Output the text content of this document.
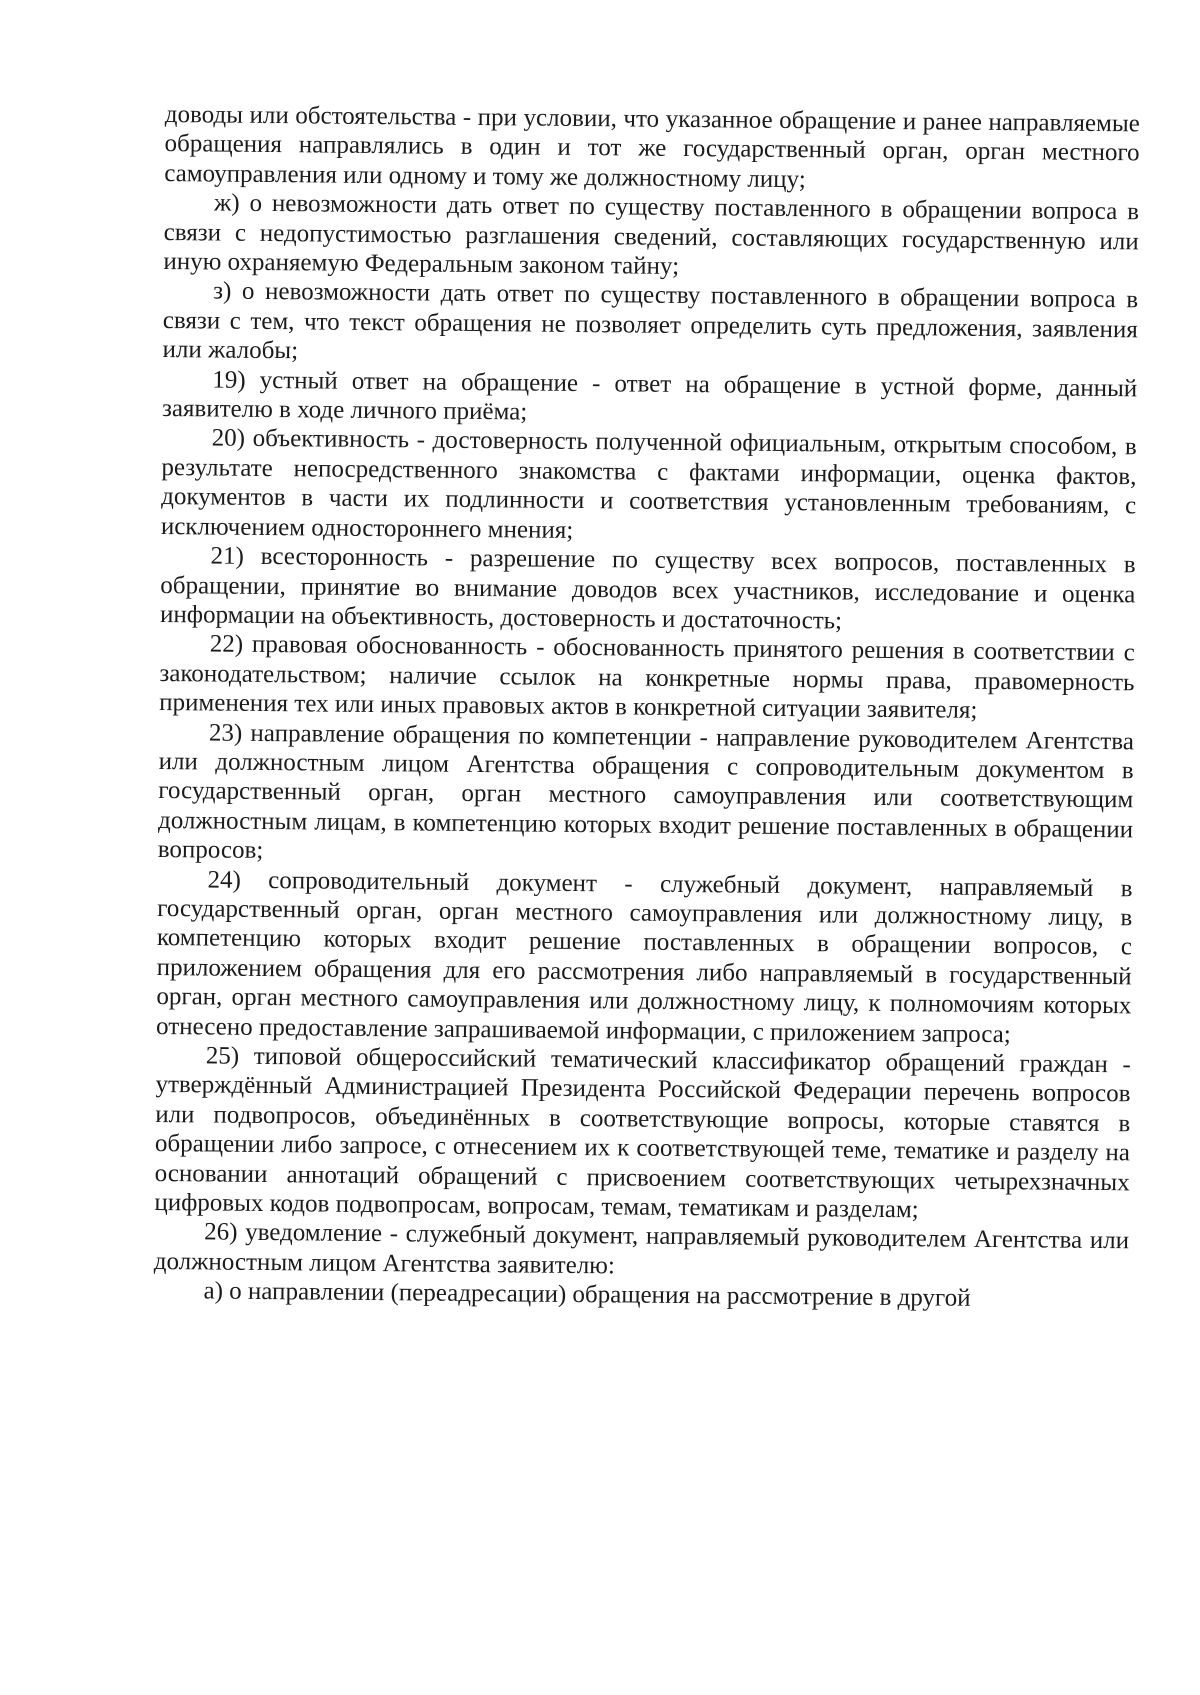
доводы или обстоятельства - при условии, что указанное обращение и ранее направляемые обращения направлялись в один и тот же государственный орган, орган местного самоуправления или одному и тому же должностному лицу;

ж) о невозможности дать ответ по существу поставленного в обращении вопроса в связи с недопустимостью разглашения сведений, составляющих государственную или иную охраняемую Федеральным законом тайну;

з) о невозможности дать ответ по существу поставленного в обращении вопроса в связи с тем, что текст обращения не позволяет определить суть предложения, заявления или жалобы;

19) устный ответ на обращение - ответ на обращение в устной форме, данный заявителю в ходе личного приёма;

20) объективность - достоверность полученной официальным, открытым способом, в результате непосредственного знакомства с фактами информации, оценка фактов, документов в части их подлинности и соответствия установленным требованиям, с исключением одностороннего мнения;

21) всесторонность - разрешение по существу всех вопросов, поставленных в обращении, принятие во внимание доводов всех участников, исследование и оценка информации на объективность, достоверность и достаточность;

22) правовая обоснованность - обоснованность принятого решения в соответствии с законодательством; наличие ссылок на конкретные нормы права, правомерность применения тех или иных правовых актов в конкретной ситуации заявителя;

23) направление обращения по компетенции - направление руководителем Агентства или должностным лицом Агентства обращения с сопроводительным документом в государственный орган, орган местного самоуправления или соответствующим должностным лицам, в компетенцию которых входит решение поставленных в обращении вопросов;

24) сопроводительный документ - служебный документ, направляемый в государственный орган, орган местного самоуправления или должностному лицу, в компетенцию которых входит решение поставленных в обращении вопросов, с приложением обращения для его рассмотрения либо направляемый в государственный орган, орган местного самоуправления или должностному лицу, к полномочиям которых отнесено предоставление запрашиваемой информации, с приложением запроса;

25) типовой общероссийский тематический классификатор обращений граждан - утверждённый Администрацией Президента Российской Федерации перечень вопросов или подвопросов, объединённых в соответствующие вопросы, которые ставятся в обращении либо запросе, с отнесением их к соответствующей теме, тематике и разделу на основании аннотаций обращений с присвоением соответствующих четырехзначных цифровых кодов подвопросам, вопросам, темам, тематикам и разделам;

26) уведомление - служебный документ, направляемый руководителем Агентства или должностным лицом Агентства заявителю:

а) о направлении (переадресации) обращения на рассмотрение в другой
